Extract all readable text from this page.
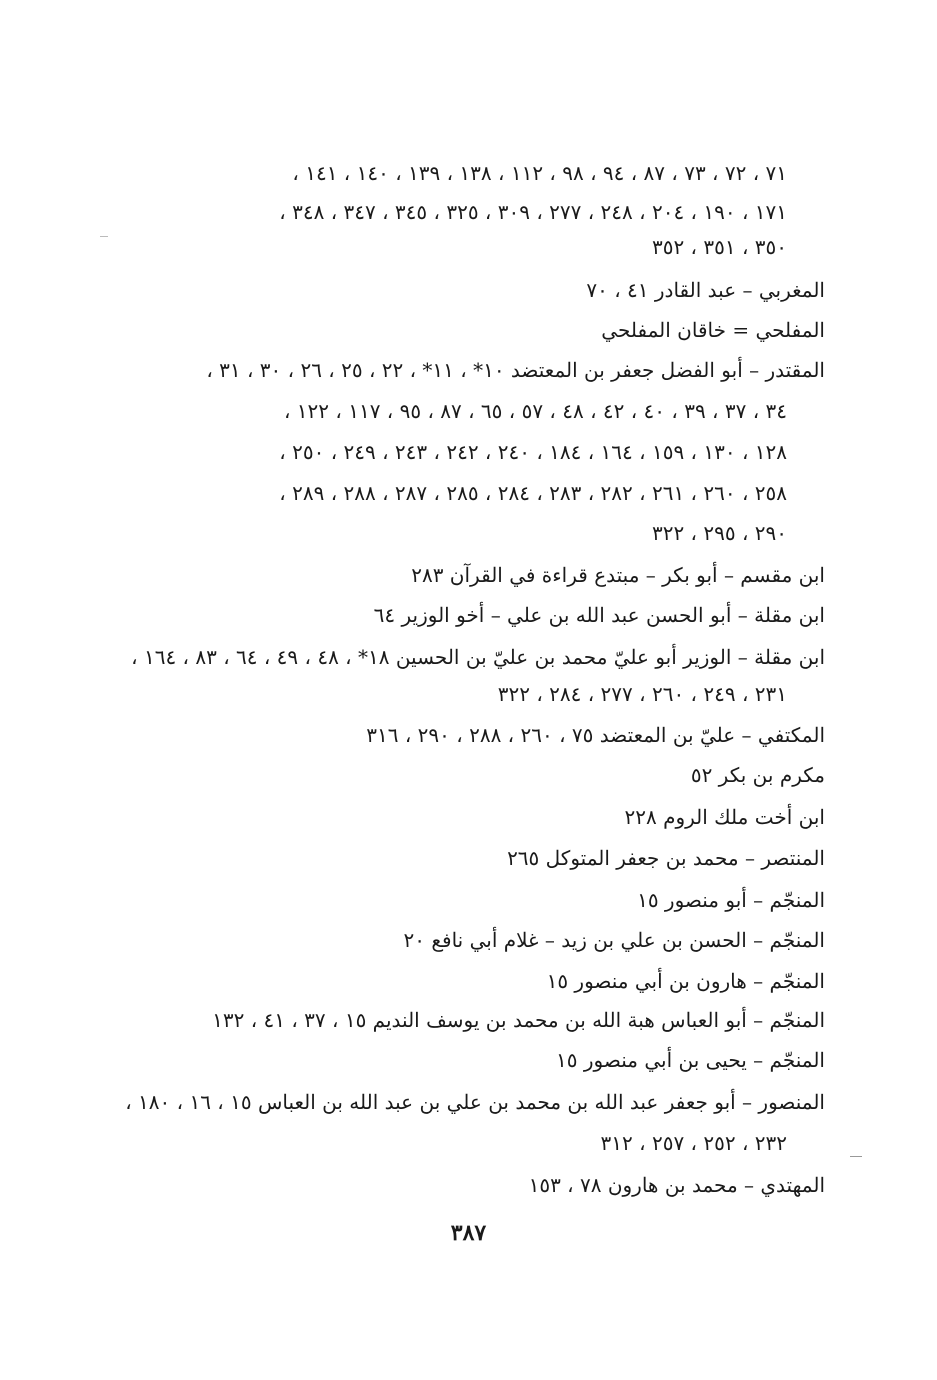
٧١ ، ٧٢ ، ٧٣ ، ٨٧ ، ٩٤ ، ٩٨ ، ١١٢ ، ١٣٨ ، ١٣٩ ، ١٤٠ ، ١٤١ ،
١٧١ ، ١٩٠ ، ٢٠٤ ، ٢٤٨ ، ٢٧٧ ، ٣٠٩ ، ٣٢٥ ، ٣٤٥ ، ٣٤٧ ، ٣٤٨ ،
٣٥٠ ، ٣٥١ ، ٣٥٢
المغربي – عبد القادر ٤١ ، ٧٠
المفلحي = خاقان المفلحي
المقتدر – أبو الفضل جعفر بن المعتضد ١٠* ، ١١* ، ٢٢ ، ٢٥ ، ٢٦ ، ٣٠ ، ٣١ ،
٣٤ ، ٣٧ ، ٣٩ ، ٤٠ ، ٤٢ ، ٤٨ ، ٥٧ ، ٦٥ ، ٨٧ ، ٩٥ ، ١١٧ ، ١٢٢ ،
١٢٨ ، ١٣٠ ، ١٥٩ ، ١٦٤ ، ١٨٤ ، ٢٤٠ ، ٢٤٢ ، ٢٤٣ ، ٢٤٩ ، ٢٥٠ ،
٢٥٨ ، ٢٦٠ ، ٢٦١ ، ٢٨٢ ، ٢٨٣ ، ٢٨٤ ، ٢٨٥ ، ٢٨٧ ، ٢٨٨ ، ٢٨٩ ،
٢٩٠ ، ٢٩٥ ، ٣٢٢
ابن مقسم – أبو بكر – مبتدع قراءة في القرآن ٢٨٣
ابن مقلة – أبو الحسن عبد الله بن علي – أخو الوزير ٦٤
ابن مقلة – الوزير أبو عليّ محمد بن عليّ بن الحسين ١٨* ، ٤٨ ، ٤٩ ، ٦٤ ، ٨٣ ، ١٦٤ ،
٢٣١ ، ٢٤٩ ، ٢٦٠ ، ٢٧٧ ، ٢٨٤ ، ٣٢٢
المكتفي – عليّ بن المعتضد ٧٥ ، ٢٦٠ ، ٢٨٨ ، ٢٩٠ ، ٣١٦
مكرم بن بكر ٥٢
ابن أخت ملك الروم ٢٢٨
المنتصر – محمد بن جعفر المتوكل ٢٦٥
المنجّم – أبو منصور ١٥
المنجّم – الحسن بن علي بن زيد – غلام أبي نافع ٢٠
المنجّم – هارون بن أبي منصور ١٥
المنجّم – أبو العباس هبة الله بن محمد بن يوسف النديم ١٥ ، ٣٧ ، ٤١ ، ١٣٢
المنجّم – يحيى بن أبي منصور ١٥
المنصور – أبو جعفر عبد الله بن محمد بن علي بن عبد الله بن العباس ١٥ ، ١٦ ، ١٨٠ ،
٢٣٢ ، ٢٥٢ ، ٢٥٧ ، ٣١٢
المهتدي – محمد بن هارون ٧٨ ، ١٥٣
٣٨٧
